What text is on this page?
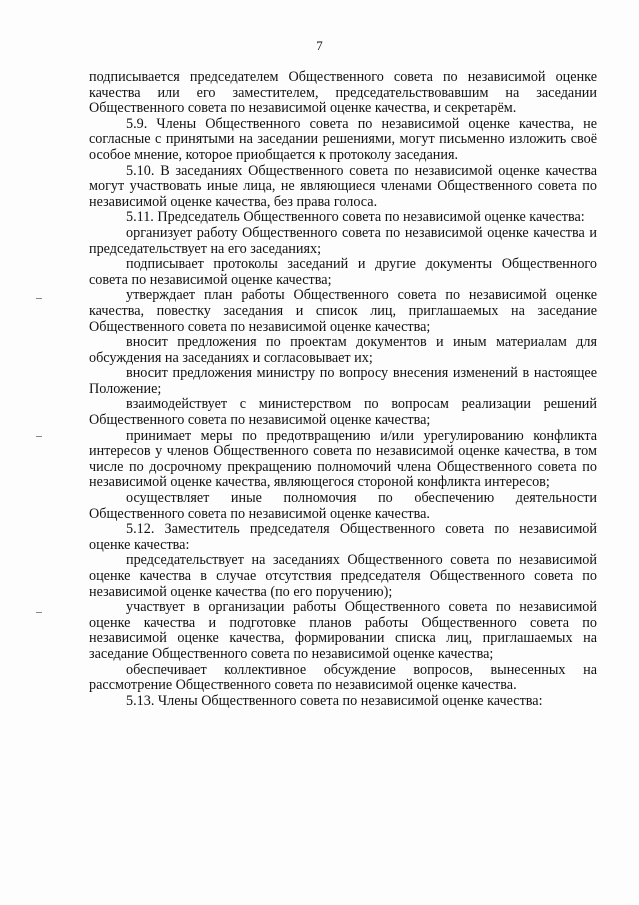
7

подписывается председателем Общественного совета по независимой оценке качества или его заместителем, председательствовавшим на заседании Общественного совета по независимой оценке качества, и секретарём.

5.9. Члены Общественного совета по независимой оценке качества, не согласные с принятыми на заседании решениями, могут письменно изложить своё особое мнение, которое приобщается к протоколу заседания.

5.10. В заседаниях Общественного совета по независимой оценке качества могут участвовать иные лица, не являющиеся членами Общественного совета по независимой оценке качества, без права голоса.

5.11. Председатель Общественного совета по независимой оценке качества:

организует работу Общественного совета по независимой оценке качества и председательствует на его заседаниях;

подписывает протоколы заседаний и другие документы Общественного совета по независимой оценке качества;

утверждает план работы Общественного совета по независимой оценке качества, повестку заседания и список лиц, приглашаемых на заседание Общественного совета по независимой оценке качества;

вносит предложения по проектам документов и иным материалам для обсуждения на заседаниях и согласовывает их;

вносит предложения министру по вопросу внесения изменений в настоящее Положение;

взаимодействует с министерством по вопросам реализации решений Общественного совета по независимой оценке качества;

принимает меры по предотвращению и/или урегулированию конфликта интересов у членов Общественного совета по независимой оценке качества, в том числе по досрочному прекращению полномочий члена Общественного совета по независимой оценке качества, являющегося стороной конфликта интересов;

осуществляет иные полномочия по обеспечению деятельности Общественного совета по независимой оценке качества.

5.12. Заместитель председателя Общественного совета по независимой оценке качества:

председательствует на заседаниях Общественного совета по независимой оценке качества в случае отсутствия председателя Общественного совета по независимой оценке качества (по его поручению);

участвует в организации работы Общественного совета по независимой оценке качества и подготовке планов работы Общественного совета по независимой оценке качества, формировании списка лиц, приглашаемых на заседание Общественного совета по независимой оценке качества;

обеспечивает коллективное обсуждение вопросов, вынесенных на рассмотрение Общественного совета по независимой оценке качества.

5.13. Члены Общественного совета по независимой оценке качества:
